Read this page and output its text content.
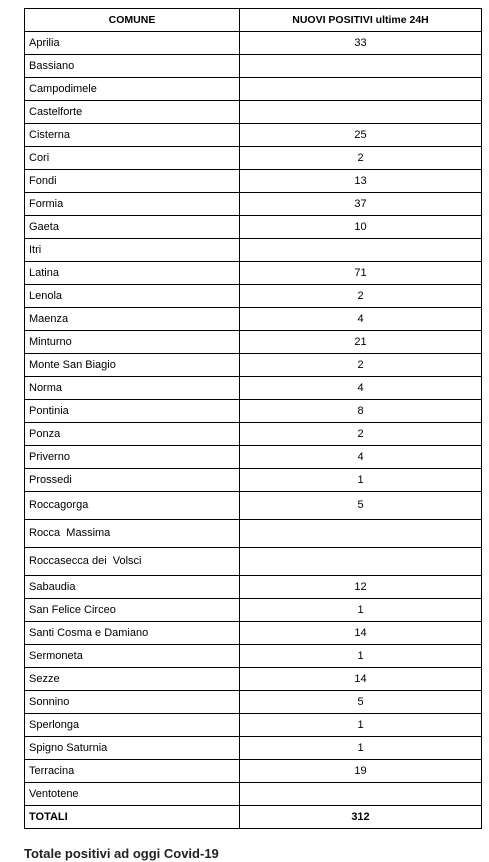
COMUNE	NUOVI POSITIVI ultime 24H
Aprilia	33
Bassiano	
Campodimele	
Castelforte	
Cisterna	25
Cori	2
Fondi	13
Formia	37
Gaeta	10
Itri	
Latina	71
Lenola	2
Maenza	4
Minturno	21
Monte San Biagio	2
Norma	4
Pontinia	8
Ponza	2
Priverno	4
Prossedi	1
Roccagorga	5
Rocca  Massima	
Roccasecca dei  Volsci	
Sabaudia	12
San Felice Circeo	1
Santi Cosma e Damiano	14
Sermoneta	1
Sezze	14
Sonnino	5
Sperlonga	1
Spigno Saturnia	1
Terracina	19
Ventotene	
TOTALI	312
Totale positivi ad oggi Covid-19
